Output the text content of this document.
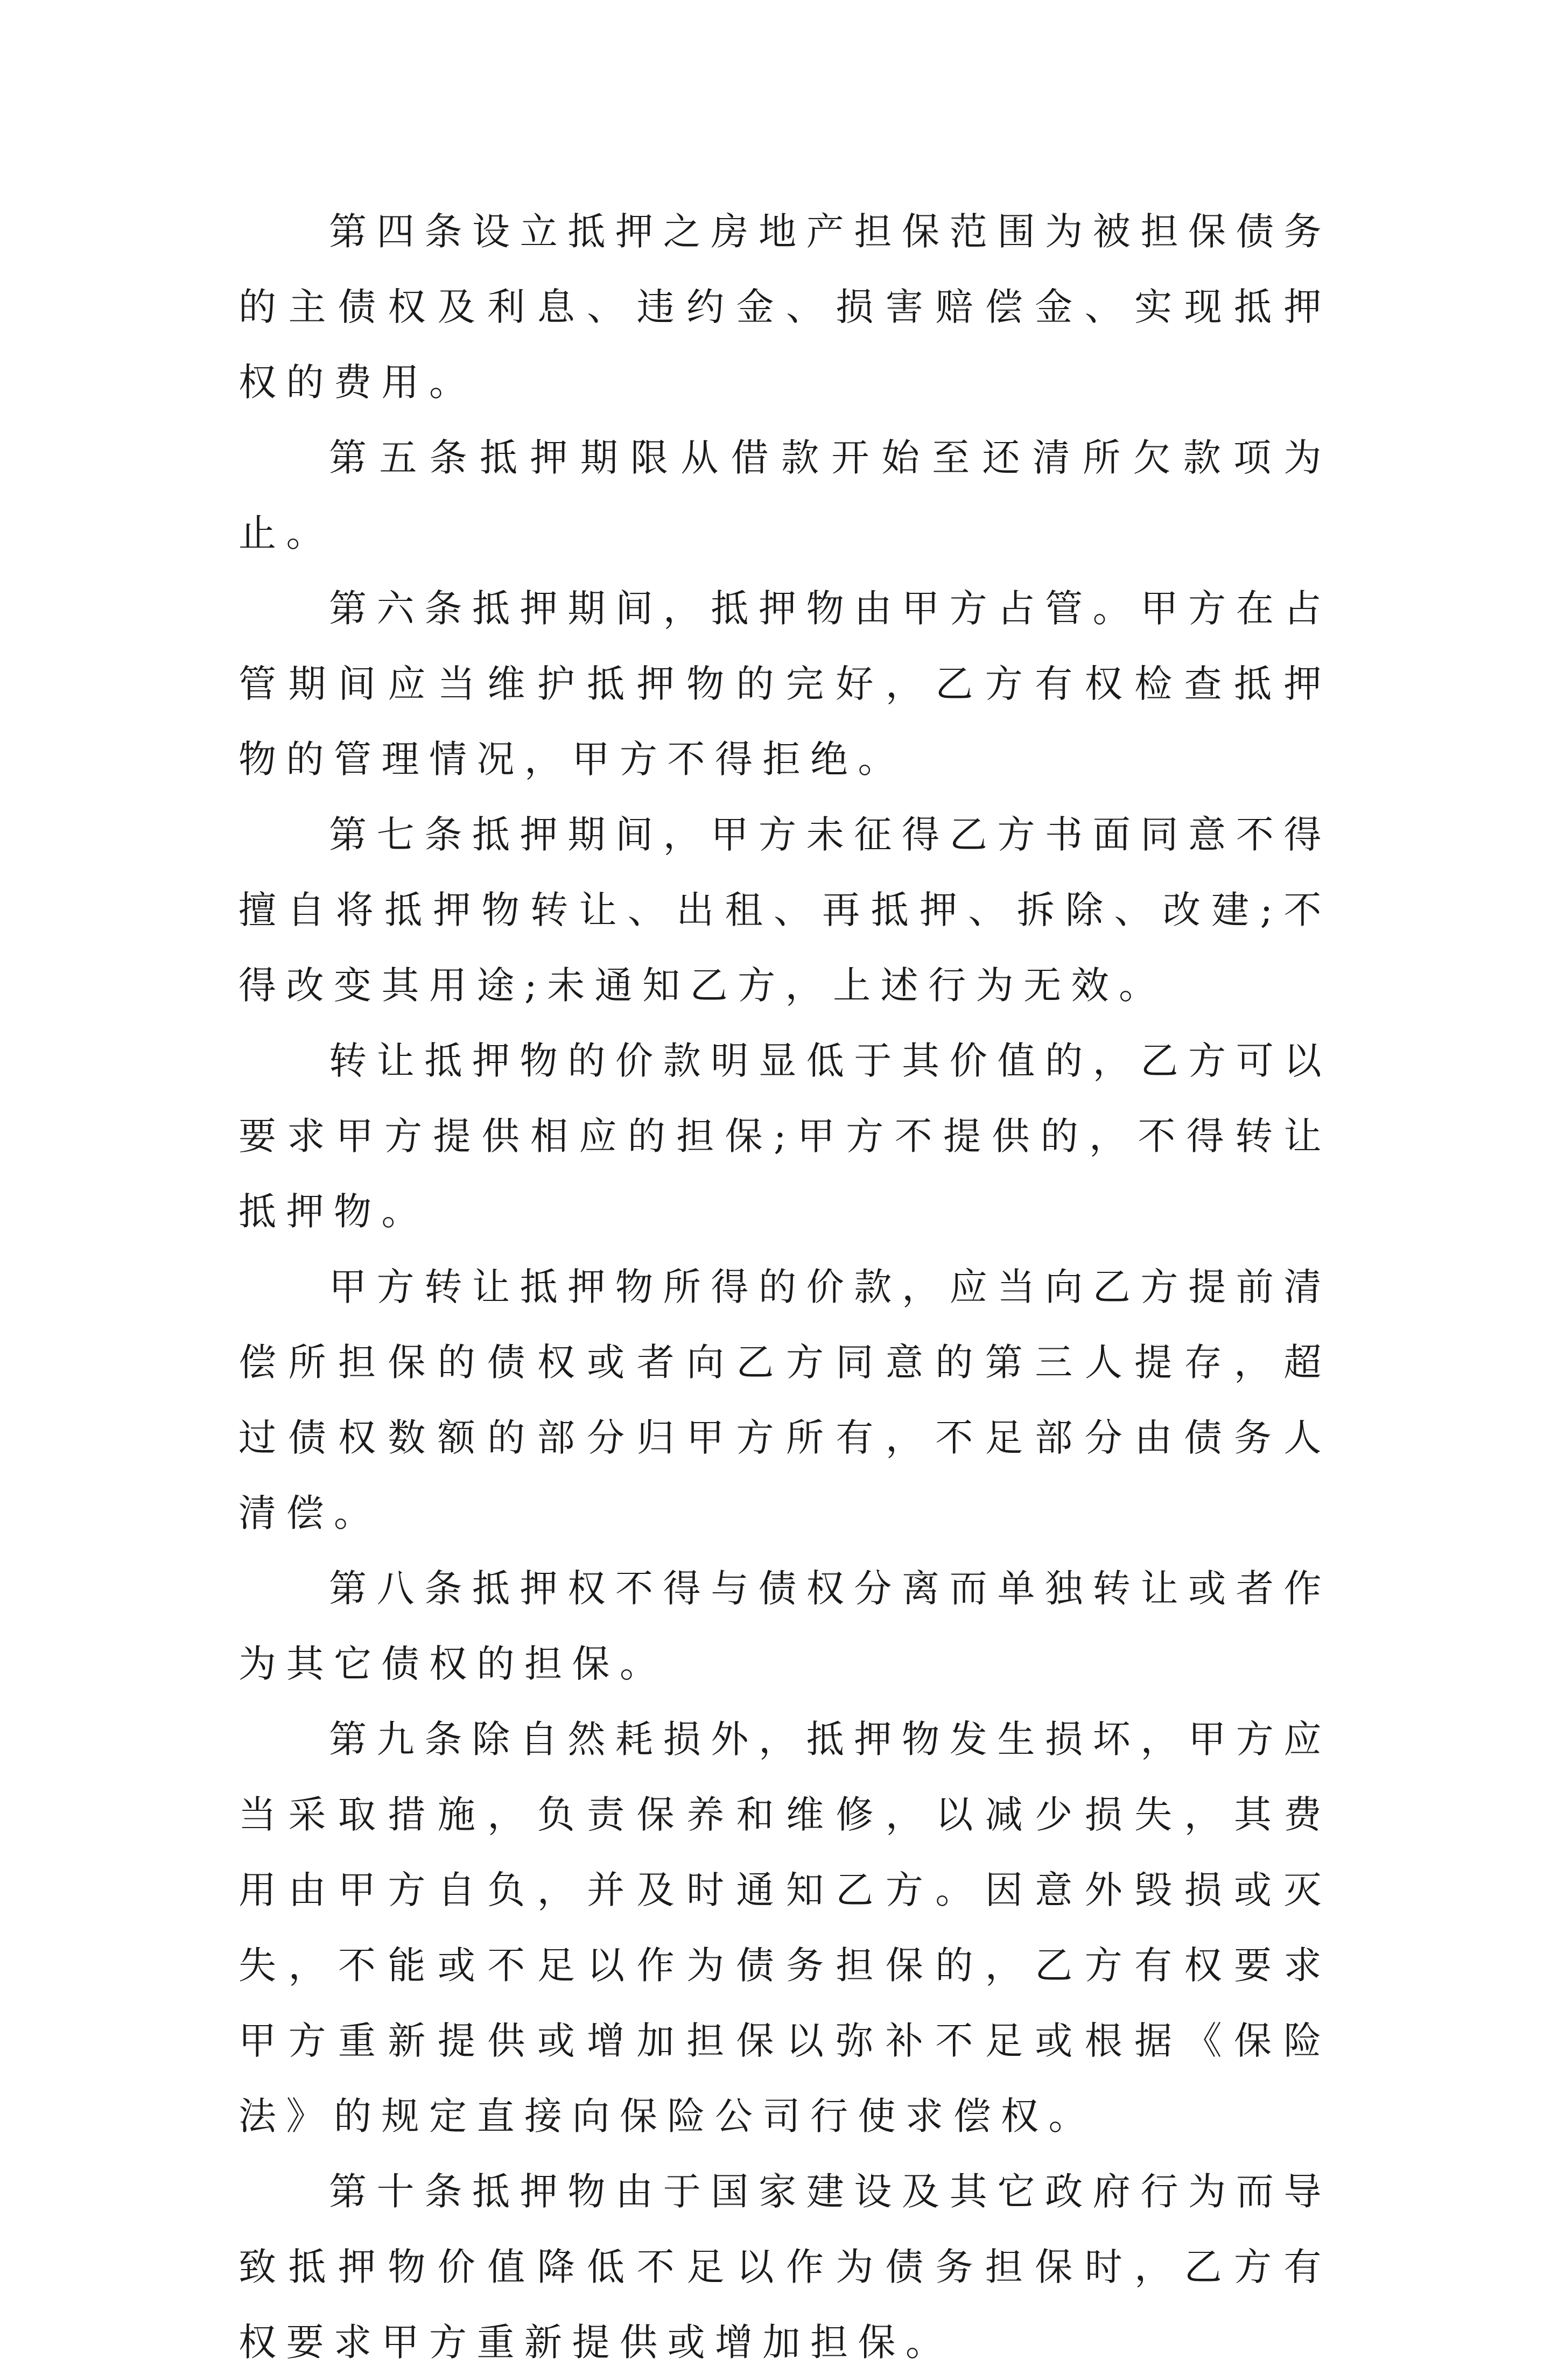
第四条设立抵押之房地产担保范围为被担保债务的主债权及利息、违约金、损害赔偿金、实现抵押权的费用。

第五条抵押期限从借款开始至还清所欠款项为止。

第六条抵押期间，抵押物由甲方占管。甲方在占管期间应当维护抵押物的完好，乙方有权检查抵押物的管理情况，甲方不得拒绝。

第七条抵押期间，甲方未征得乙方书面同意不得擅自将抵押物转让、出租、再抵押、拆除、改建;不得改变其用途;未通知乙方，上述行为无效。

转让抵押物的价款明显低于其价值的，乙方可以要求甲方提供相应的担保;甲方不提供的，不得转让抵押物。

甲方转让抵押物所得的价款，应当向乙方提前清偿所担保的债权或者向乙方同意的第三人提存，超过债权数额的部分归甲方所有，不足部分由债务人清偿。

第八条抵押权不得与债权分离而单独转让或者作为其它债权的担保。

第九条除自然耗损外，抵押物发生损坏，甲方应当采取措施，负责保养和维修，以减少损失，其费用由甲方自负，并及时通知乙方。因意外毁损或灭失，不能或不足以作为债务担保的，乙方有权要求甲方重新提供或增加担保以弥补不足或根据《保险法》的规定直接向保险公司行使求偿权。

第十条抵押物由于国家建设及其它政府行为而导致抵押物价值降低不足以作为债务担保时，乙方有权要求甲方重新提供或增加担保。
